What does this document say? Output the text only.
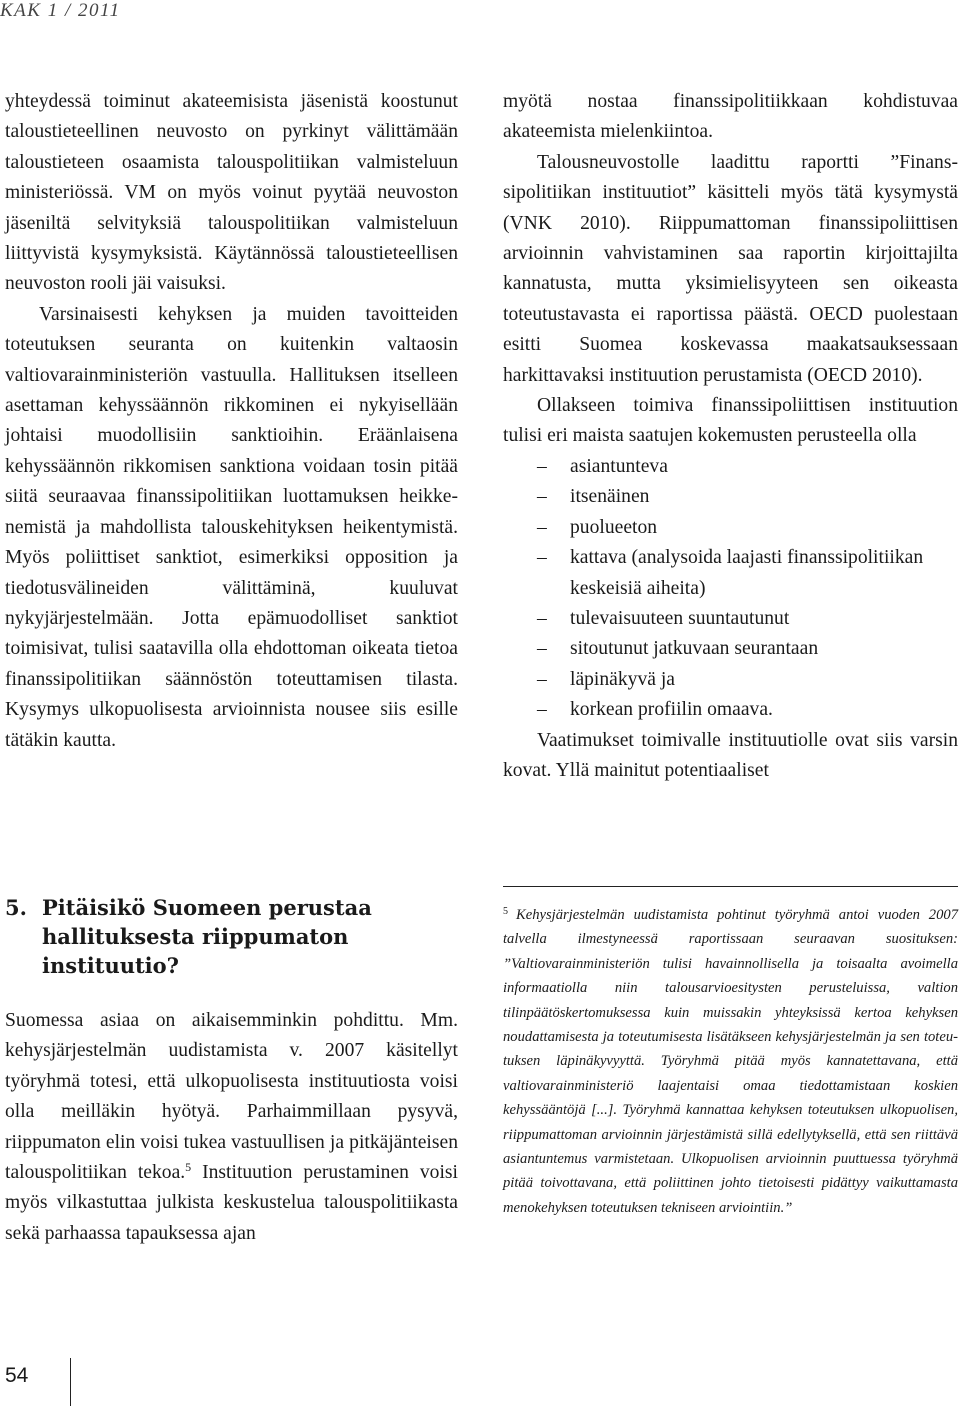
KAK 1 / 2011

yhteydessä toiminut akateemisista jäsenistä koostunut taloustieteellinen neuvosto on pyrkinyt välittämään taloustieteen osaamista talouspolitiikan valmisteluun ministeriössä. VM on myös voinut pyytää neuvoston jäseniltä selvityksiä talouspolitiikan valmisteluun liittyvistä kysymyksistä. Käytännössä taloustieteellisen neuvoston rooli jäi vaisuksi.

Varsinaisesti kehyksen ja muiden tavoitteiden toteutuksen seuranta on kuitenkin valtaosin valtiovarainministeriön vastuulla. Hallituksen itselleen asettaman kehyssäännön rikkominen ei nykyisellään johtaisi muodollisiin sanktioihin. Eräänlaisena kehyssäännön rikkomisen sanktiona voidaan tosin pitää siitä seuraavaa finanssipolitiikan luottamuksen heikkenemistä ja mahdollista talouskehityksen heikentymistä. Myös poliittiset sanktiot, esimerkiksi opposition ja tiedotusvälineiden välittäminä, kuuluvat nykyjärjestelmään. Jotta epämuodolliset sanktiot toimisivat, tulisi saatavilla olla ehdottoman oikeata tietoa finanssipolitiikan säännöstön toteuttamisen tilasta. Kysymys ulkopuolisesta arvioinnista nousee siis esille tätäkin kautta.

5. Pitäisikö Suomeen perustaa hallituksesta riippumaton instituutio?

Suomessa asiaa on aikaisemminkin pohdittu. Mm. kehysjärjestelmän uudistamista v. 2007 käsitellyt työryhmä totesi, että ulkopuolisesta instituutiosta voisi olla meilläkin hyötyä. Parhaimmillaan pysyvä, riippumaton elin voisi tukea vastuullisen ja pitkäjänteisen talouspolitiikan tekoa.$^5$ Instituution perustaminen voisi myös vilkastuttaa julkista keskustelua talouspolitiikasta sekä parhaassa tapauksessa ajan

myötä nostaa finanssipolitiikkaan kohdistuvaa akateemista mielenkiintoa.

Talousneuvostolle laadittu raportti ”Finanssipolitiikan instituutiot” käsitteli myös tätä kysymystä (VNK 2010). Riippumattoman finanssipoliittisen arvioinnin vahvistaminen saa raportin kirjoittajilta kannatusta, mutta yksimielisyyteen sen oikeasta toteutustavasta ei raportissa päästä. OECD puolestaan esitti Suomea koskevassa maakatsauksessaan harkittavaksi instituution perustamista (OECD 2010).

Ollakseen toimiva finanssipoliittisen instituution tulisi eri maista saatujen kokemusten perusteella olla

– asiantunteva
– itsenäinen
– puolueeton
– kattava (analysoida laajasti finanssipolitiikan keskeisiä aiheita)
– tulevaisuuteen suuntautunut
– sitoutunut jatkuvaan seurantaan
– läpinäkyvä ja
– korkean profiilin omaava.

Vaatimukset toimivalle instituutiolle ovat siis varsin kovat. Yllä mainitut potentiaaliset

$^5$ Kehysjärjestelmän uudistamista pohtinut työryhmä antoi vuoden 2007 talvella ilmestyneessä raportissaan seuraavan suosituksen: ”Valtiovarainministeriön tulisi havainnollisella ja toisaalta avoimella informaatiolla niin talousarvioesitysten perusteluissa, valtion tilinpäätöskertomuksessa kuin muissakin yhteyksissä kertoa kehyksen noudattamisesta ja toteutumisesta lisätäkseen kehysjärjestelmän ja sen toteutuksen läpinäkyvyyttä. Työryhmä pitää myös kannatettavana, että valtiovarainministeriö laajentaisi omaa tiedottamistaan koskien kehyssääntöjä [...]. Työryhmä kannattaa kehyksen toteutuksen ulkopuolisen, riippumattoman arvioinnin järjestämistä sillä edellytyksellä, että sen riittävä asiantuntemus varmistetaan. Ulkopuolisen arvioinnin puuttuessa työryhmä pitää toivottavana, että poliittinen johto tietoisesti pidättyy vaikuttamasta menokehyksen toteutuksen tekniseen arviointiin.”

54
